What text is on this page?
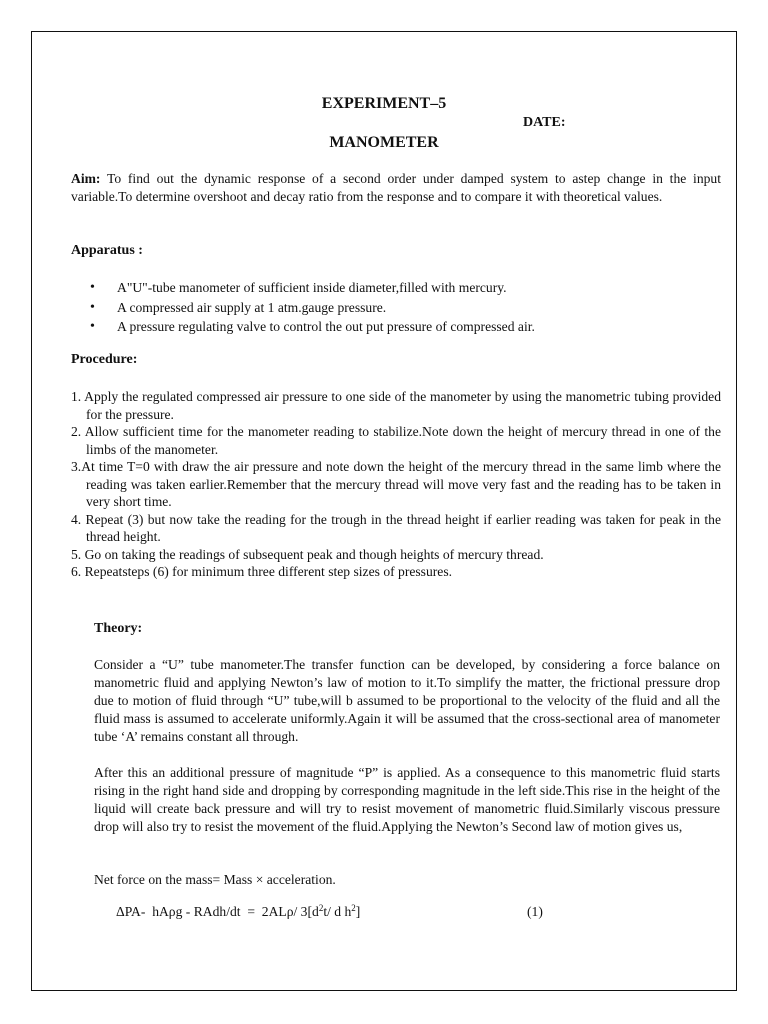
EXPERIMENT–5
DATE:
MANOMETER

Aim: To find out the dynamic response of a second order under damped system to astep change in the input variable.To determine overshoot and decay ratio from the response and to compare it with theoretical values.

Apparatus :
• A"U"-tube manometer of sufficient inside diameter,filled with mercury.
• A compressed air supply at 1 atm.gauge pressure.
• A pressure regulating valve to control the out put pressure of compressed air.
Procedure:
1. Apply the regulated compressed air pressure to one side of the manometer by using the manometric tubing provided for the pressure.
2. Allow sufficient time for the manometer reading to stabilize.Note down the height of mercury thread in one of the limbs of the manometer.
3.At time T=0 with draw the air pressure and note down the height of the mercury thread in the same limb where the reading was taken earlier.Remember that the mercury thread will move very fast and the reading has to be taken in very short time.
4. Repeat (3) but now take the reading for the trough in the thread height if earlier reading was taken for peak in the thread height.
5. Go on taking the readings of subsequent peak and though heights of mercury thread.
6. Repeatsteps (6) for minimum three different step sizes of pressures.
Theory:

Consider a “U” tube manometer.The transfer function can be developed, by considering a force balance on manometric fluid and applying Newton’s law of motion to it.To simplify the matter, the frictional pressure drop due to motion of fluid through “U” tube,will b assumed to be proportional to the velocity of the fluid and all the fluid mass is assumed to accelerate uniformly.Again it will be assumed that the cross-sectional area of manometer tube ‘A’ remains constant all through.

After this an additional pressure of magnitude “P” is applied. As a consequence to this manometric fluid starts rising in the right hand side and dropping by corresponding magnitude in the left side.This rise in the height of the liquid will create back pressure and will try to resist movement of manometric fluid.Similarly viscous pressure drop will also try to resist the movement of the fluid.Applying the Newton’s Second law of motion gives us,

Net force on the mass= Mass × acceleration.
ΔPA-  hAρg - RAdh/dt  =  2ALρ/ $3[d^2t/$ d $h^2$]	(1)
